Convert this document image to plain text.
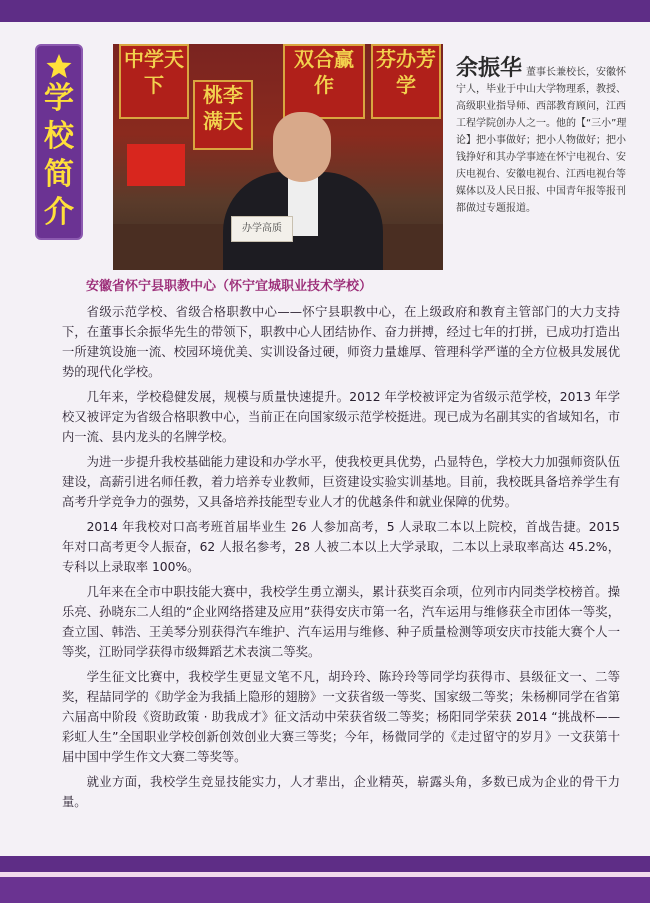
学
校
简
介
中学天下
双合赢作
芬办芳学
桃李满天
办学高质
余振华 董事长兼校长，安徽怀宁人，毕业于中山大学物理系，教授、高级职业指导师、西部教育顾问，江西工程学院创办人之一。他的【“三小”理论】把小事做好；把小人物做好；把小钱挣好和其办学事迹在怀宁电视台、安庆电视台、安徽电视台、江西电视台等媒体以及人民日报、中国青年报等报刊都做过专题报道。
安徽省怀宁县职教中心（怀宁宜城职业技术学校）

省级示范学校、省级合格职教中心——怀宁县职教中心，在上级政府和教育主管部门的大力支持下，在董事长余振华先生的带领下，职教中心人团结协作、奋力拼搏，经过七年的打拼，已成功打造出一所建筑设施一流、校园环境优美、实训设备过硬，师资力量雄厚、管理科学严谨的全方位极具发展优势的现代化学校。

几年来，学校稳健发展，规模与质量快速提升。2012 年学校被评定为省级示范学校，2013 年学校又被评定为省级合格职教中心，当前正在向国家级示范学校挺进。现已成为名副其实的省域知名，市内一流、县内龙头的名牌学校。

为进一步提升我校基础能力建设和办学水平，使我校更具优势，凸显特色，学校大力加强师资队伍建设，高薪引进名师任教，着力培养专业教师，巨资建设实验实训基地。目前，我校既具备培养学生有高考升学竞争力的强势，又具备培养技能型专业人才的优越条件和就业保障的优势。

2014 年我校对口高考班首届毕业生 26 人参加高考，5 人录取二本以上院校，首战告捷。2015 年对口高考更令人振奋，62 人报名参考，28 人被二本以上大学录取，二本以上录取率高达 45.2%，专科以上录取率 100%。

几年来在全市中职技能大赛中，我校学生勇立潮头，累计获奖百余项，位列市内同类学校榜首。操乐亮、孙晓东二人组的“企业网络搭建及应用”获得安庆市第一名，汽车运用与维修获全市团体一等奖，查立国、韩浩、王美琴分别获得汽车维护、汽车运用与维修、种子质量检测等项安庆市技能大赛个人一等奖，江盼同学获得市级舞蹈艺术表演二等奖。

学生征文比赛中，我校学生更显文笔不凡，胡玲玲、陈玲玲等同学均获得市、县级征文一、二等奖，程喆同学的《助学金为我插上隐形的翅膀》一文获省级一等奖、国家级二等奖；朱杨柳同学在省第六届高中阶段《资助政策 · 助我成才》征文活动中荣获省级二等奖；杨阳同学荣获 2014 “挑战杯——彩虹人生”全国职业学校创新创效创业大赛三等奖；今年，杨微同学的《走过留守的岁月》一文获第十届中国中学生作文大赛二等奖等。

就业方面，我校学生竞显技能实力，人才辈出，企业精英，崭露头角，多数已成为企业的骨干力量。
